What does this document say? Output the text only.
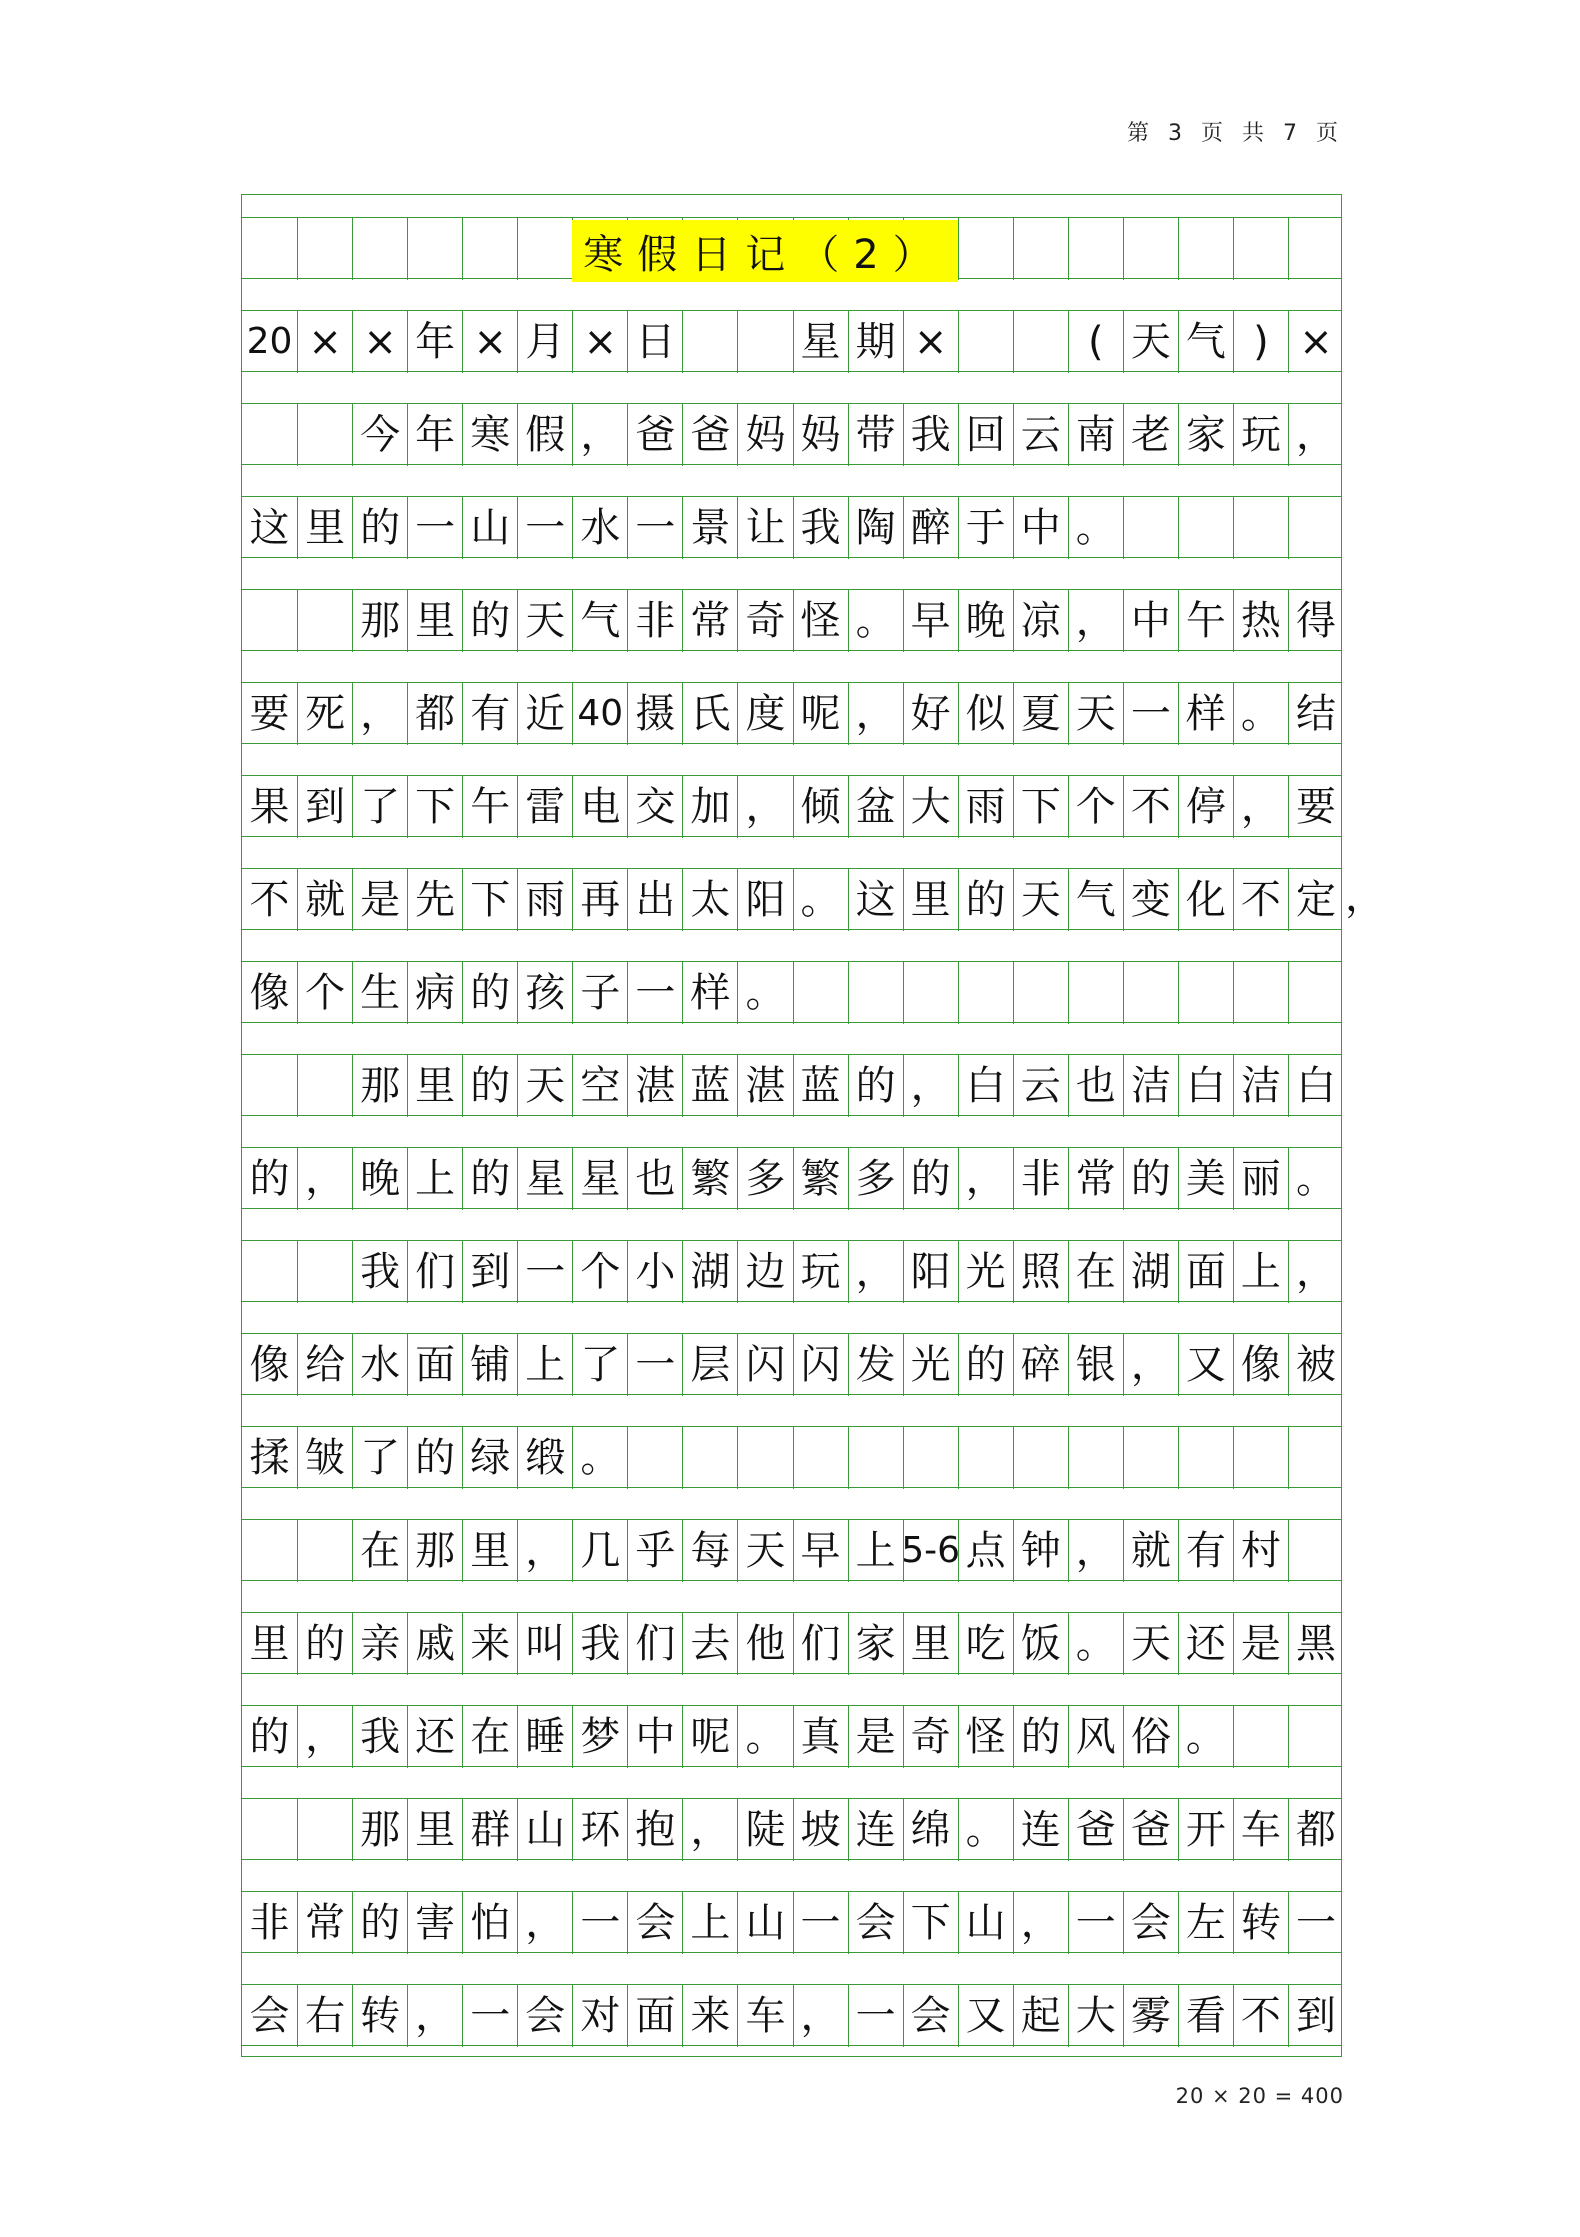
第 3 页 共 7 页
寒假日记（2）
20 × × 年 × 月 × 日	星 期 ×	( 天 气 ) ×
今 年 寒 假 ， 爸 爸 妈 妈 带 我 回 云 南 老 家 玩 ，
这 里 的 一 山 一 水 一 景 让 我 陶 醉 于 中 。
那 里 的 天 气 非 常 奇 怪 。 早 晚 凉 ， 中 午 热 得
要 死 ， 都 有 近 40 摄 氏 度 呢 ， 好 似 夏 天 一 样 。 结
果 到 了 下 午 雷 电 交 加 ， 倾 盆 大 雨 下 个 不 停 ， 要
不 就 是 先 下 雨 再 出 太 阳 。 这 里 的 天 气 变 化 不 定 ，
像 个 生 病 的 孩 子 一 样 。
那 里 的 天 空 湛 蓝 湛 蓝 的 ， 白 云 也 洁 白 洁 白
的 ， 晚 上 的 星 星 也 繁 多 繁 多 的 ， 非 常 的 美 丽 。
我 们 到 一 个 小 湖 边 玩 ， 阳 光 照 在 湖 面 上 ，
像 给 水 面 铺 上 了 一 层 闪 闪 发 光 的 碎 银 ， 又 像 被
揉 皱 了 的 绿 缎 。
在 那 里 ， 几 乎 每 天 早 上 5-6 点 钟 ， 就 有 村
里 的 亲 戚 来 叫 我 们 去 他 们 家 里 吃 饭 。 天 还 是 黑
的 ， 我 还 在 睡 梦 中 呢 。 真 是 奇 怪 的 风 俗 。
那 里 群 山 环 抱 ， 陡 坡 连 绵 。 连 爸 爸 开 车 都
非 常 的 害 怕 ， 一 会 上 山 一 会 下 山 ， 一 会 左 转 一
会 右 转 ， 一 会 对 面 来 车 ， 一 会 又 起 大 雾 看 不 到
20 × 20 = 400
